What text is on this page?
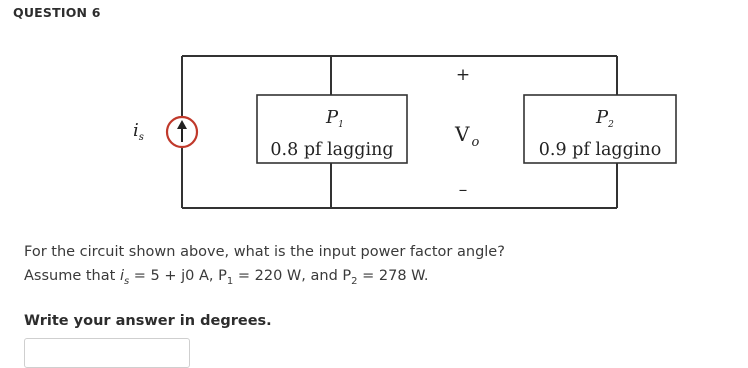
QUESTION 6
$i_s$
$P_1$
0.8 pf lagging
+
V $_o$
–
$P_2$
0.9 pf laggino
For the circuit shown above, what is the input power factor angle?
Assume that $i_s = 5 + j0$ A, $P_1 = 220$ W, and $P_2 = 278$ W.
Write your answer in degrees.
